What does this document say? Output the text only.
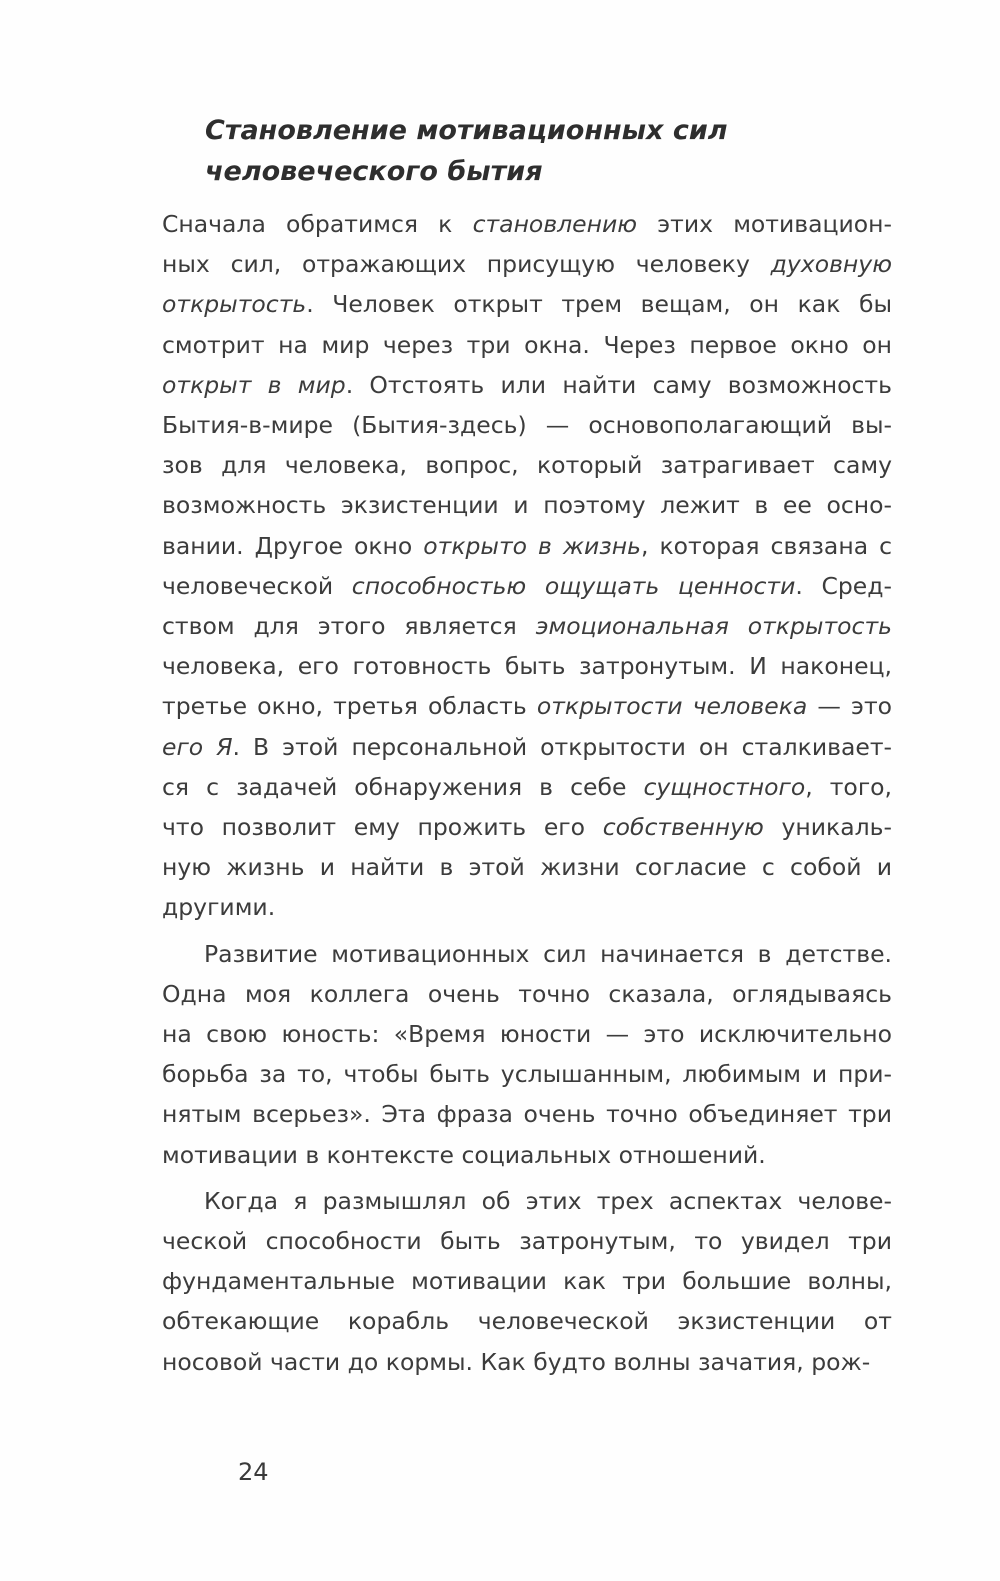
Становление мотивационных сил
человеческого бытия
Сначала обратимся к становлению этих мотивацион-
ных сил, отражающих присущую человеку духовную
открытость. Человек открыт трем вещам, он как бы
смотрит на мир через три окна. Через первое окно он
открыт в мир. Отстоять или найти саму возможность
Бытия-в-мире (Бытия-здесь) — основополагающий вы-
зов для человека, вопрос, который затрагивает саму
возможность экзистенции и поэтому лежит в ее осно-
вании. Другое окно открыто в жизнь, которая связана с
человеческой способностью ощущать ценности. Сред-
ством для этого является эмоциональная открытость
человека, его готовность быть затронутым. И наконец,
третье окно, третья область открытости человека — это
его Я. В этой персональной открытости он сталкивает-
ся с задачей обнаружения в себе сущностного, того,
что позволит ему прожить его собственную уникаль-
ную жизнь и найти в этой жизни согласие с собой и
другими.
Развитие мотивационных сил начинается в детстве.
Одна моя коллега очень точно сказала, оглядываясь
на свою юность: «Время юности — это исключительно
борьба за то, чтобы быть услышанным, любимым и при-
нятым всерьез». Эта фраза очень точно объединяет три
мотивации в контексте социальных отношений.
Когда я размышлял об этих трех аспектах челове-
ческой способности быть затронутым, то увидел три
фундаментальные мотивации как три большие волны,
обтекающие корабль человеческой экзистенции от
носовой части до кормы. Как будто волны зачатия, рож-
24
